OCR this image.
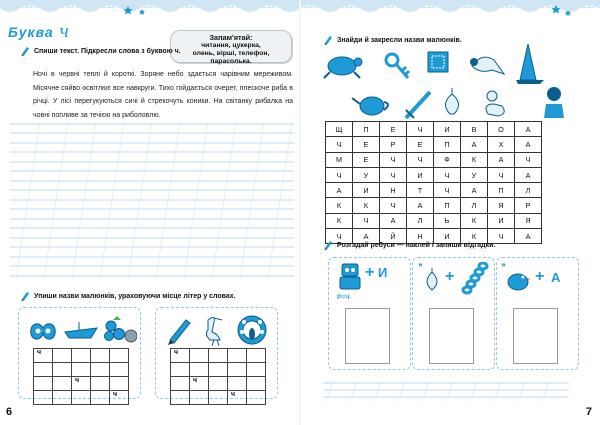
Буква ч	Запам'ятай:
читання, цукерка,
олень, вірші, телефон,
парасолька.
Спиши текст. Підкресли слова з буквою ч.
Ночі в червні теплі й короткі. Зоряне небо здається чарівним мереживом. Місячне сяйво освітлює все навкруги. Тихо гойдається очерет, плескоче риба в річці. У лісі перегукуються сичі й стрекочуть коники. На світанку рибалка на човні попливе за течією на риболовлю.
Упиши назви малюнків, ураховуючи місце літер у словах.
ч				

		ч		
				ч
ч				

	ч			
			ч	
6
Знайди й закресли назви малюнків.
Щ	П	Е	Ч	И	В	О	А
Ч	Е	Р	Е	П	А	Х	А
М	Е	Ч	Ч	Ф	К	А	Ч
Ч	У	Ч	И	Ч	У	Ч	А
А	И	Н	Т	Ч	А	П	Л
К	К	Ч	А	П	Л	Я	Р
К	Ч	А	Л	Ь	К	И	Я
Ч	А	Й	Н	И	К	Ч	А
Розгадай ребуси — наклей і запиши відгадки.
+ И
Р=Ч
’’ +	’’ + А
7
